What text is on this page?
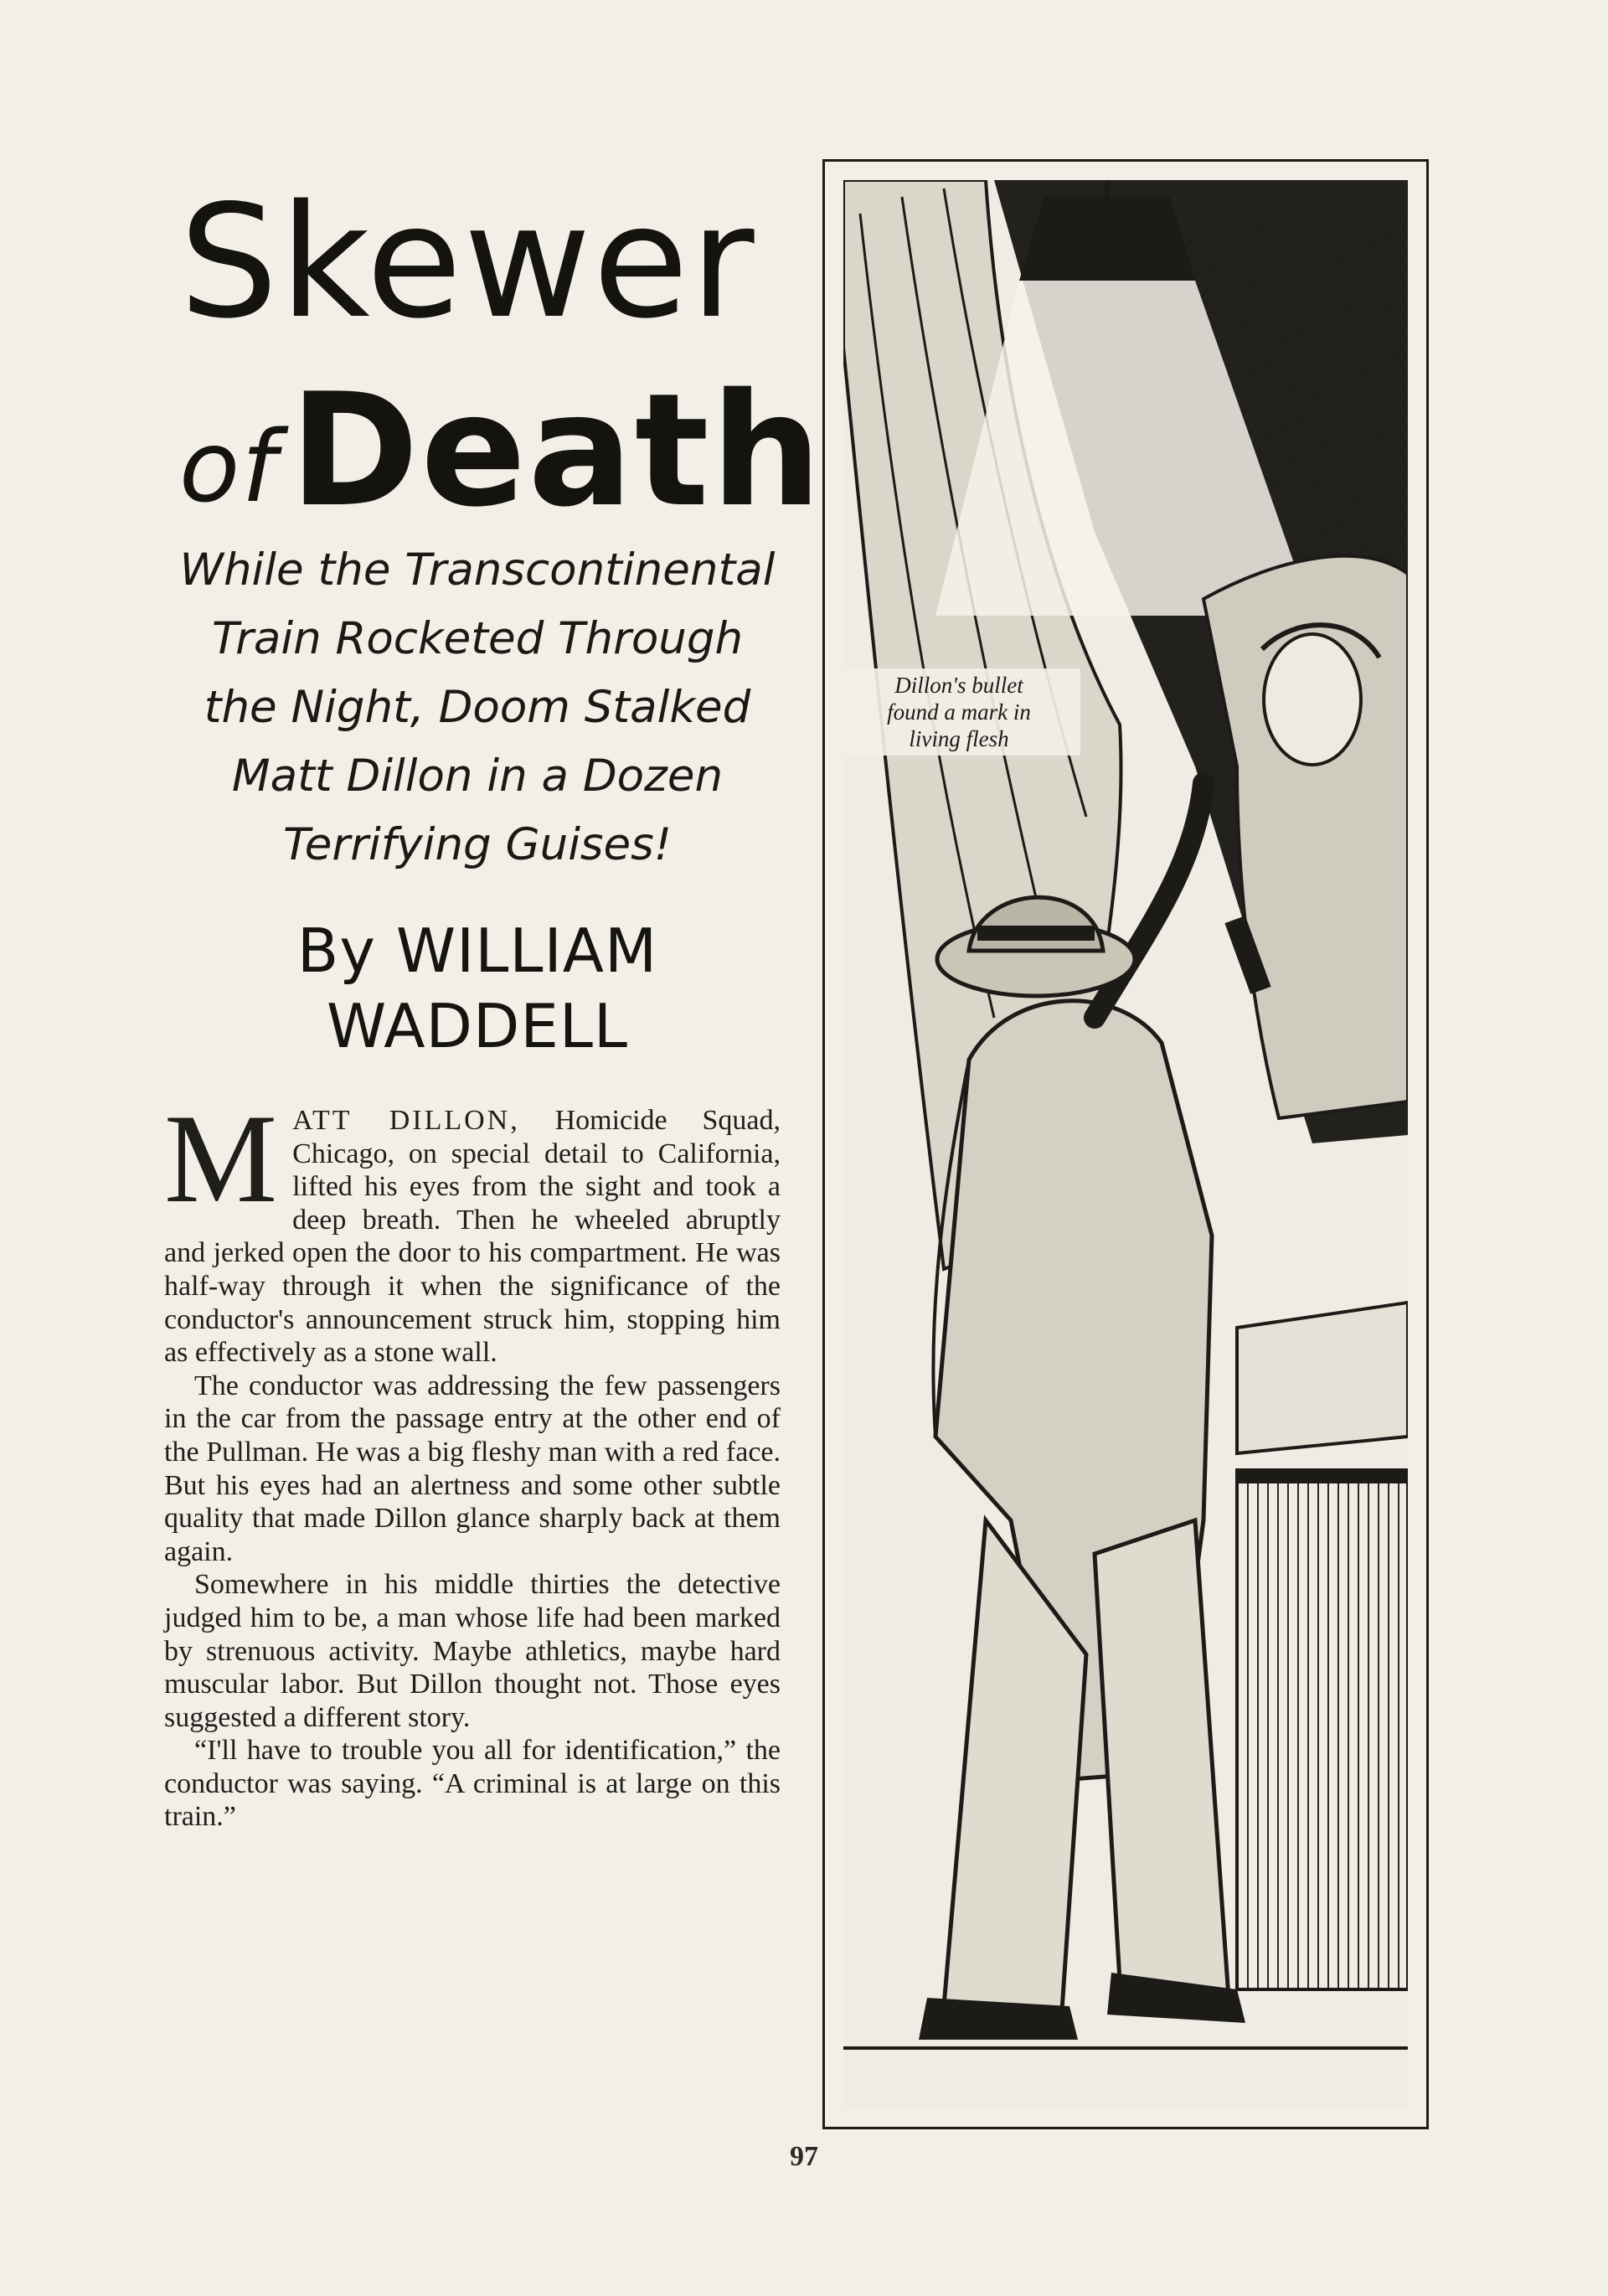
Skewer
ofDeath
While the Transcontinental
Train Rocketed Through
the Night, Doom Stalked
Matt Dillon in a Dozen
Terrifying Guises!
By WILLIAM
WADDELL

MATT DILLON, Homicide Squad, Chicago, on special detail to California, lifted his eyes from the sight and took a deep breath. Then he wheeled abruptly and jerked open the door to his compartment. He was half-way through it when the significance of the conductor's announcement struck him, stopping him as effectively as a stone wall.

The conductor was addressing the few passengers in the car from the passage entry at the other end of the Pullman. He was a big fleshy man with a red face. But his eyes had an alertness and some other subtle quality that made Dillon glance sharply back at them again.

Somewhere in his middle thirties the detective judged him to be, a man whose life had been marked by strenuous activity. Maybe athletics, maybe hard muscular labor. But Dillon thought not. Those eyes suggested a different story.

“I'll have to trouble you all for identification,” the conductor was saying. “A criminal is at large on this train.”

Dillon's bullet
found a mark in
living flesh
97
